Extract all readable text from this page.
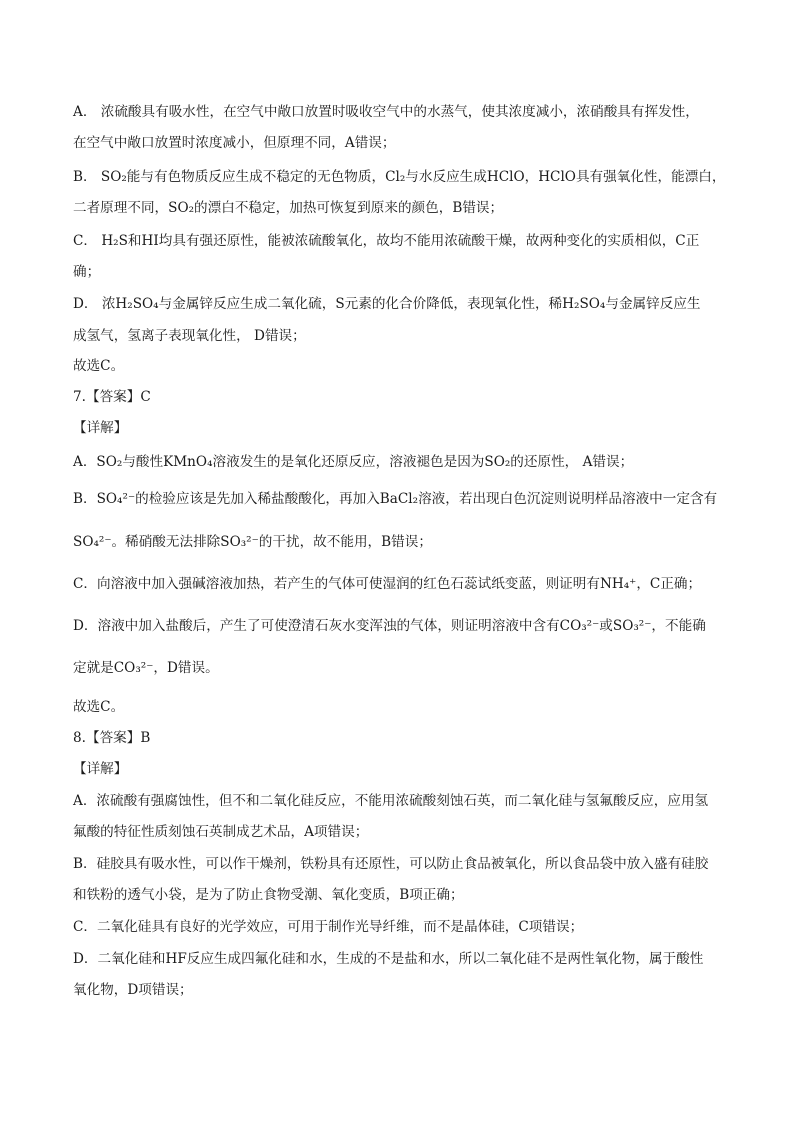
A． 浓硫酸具有吸水性，在空气中敞口放置时吸收空气中的水蒸气，使其浓度减小，浓硝酸具有挥发性，
在空气中敞口放置时浓度减小，但原理不同，A错误；
B． SO₂能与有色物质反应生成不稳定的无色物质，Cl₂与水反应生成HClO，HClO具有强氧化性，能漂白，
二者原理不同，SO₂的漂白不稳定，加热可恢复到原来的颜色，B错误；
C． H₂S和HI均具有强还原性，能被浓硫酸氧化，故均不能用浓硫酸干燥，故两种变化的实质相似，C正
确；
D． 浓H₂SO₄与金属锌反应生成二氧化硫，S元素的化合价降低，表现氧化性，稀H₂SO₄与金属锌反应生
成氢气，氢离子表现氧化性， D错误；
故选C。
7.【答案】C
【详解】
A．SO₂与酸性KMnO₄溶液发生的是氧化还原反应，溶液褪色是因为SO₂的还原性， A错误；
B．SO₄²⁻的检验应该是先加入稀盐酸酸化，再加入BaCl₂溶液，若出现白色沉淀则说明样品溶液中一定含有
SO₄²⁻。稀硝酸无法排除SO₃²⁻的干扰，故不能用，B错误；
C．向溶液中加入强碱溶液加热，若产生的气体可使湿润的红色石蕊试纸变蓝，则证明有NH₄⁺，C正确；
D．溶液中加入盐酸后，产生了可使澄清石灰水变浑浊的气体，则证明溶液中含有CO₃²⁻或SO₃²⁻，不能确
定就是CO₃²⁻，D错误。
故选C。
8.【答案】B
【详解】
A．浓硫酸有强腐蚀性，但不和二氧化硅反应，不能用浓硫酸刻蚀石英，而二氧化硅与氢氟酸反应，应用氢
氟酸的特征性质刻蚀石英制成艺术品，A项错误；
B．硅胶具有吸水性，可以作干燥剂，铁粉具有还原性，可以防止食品被氧化，所以食品袋中放入盛有硅胶
和铁粉的透气小袋，是为了防止食物受潮、氧化变质，B项正确；
C．二氧化硅具有良好的光学效应，可用于制作光导纤维，而不是晶体硅，C项错误；
D．二氧化硅和HF反应生成四氟化硅和水，生成的不是盐和水，所以二氧化硅不是两性氧化物，属于酸性
氧化物，D项错误；
